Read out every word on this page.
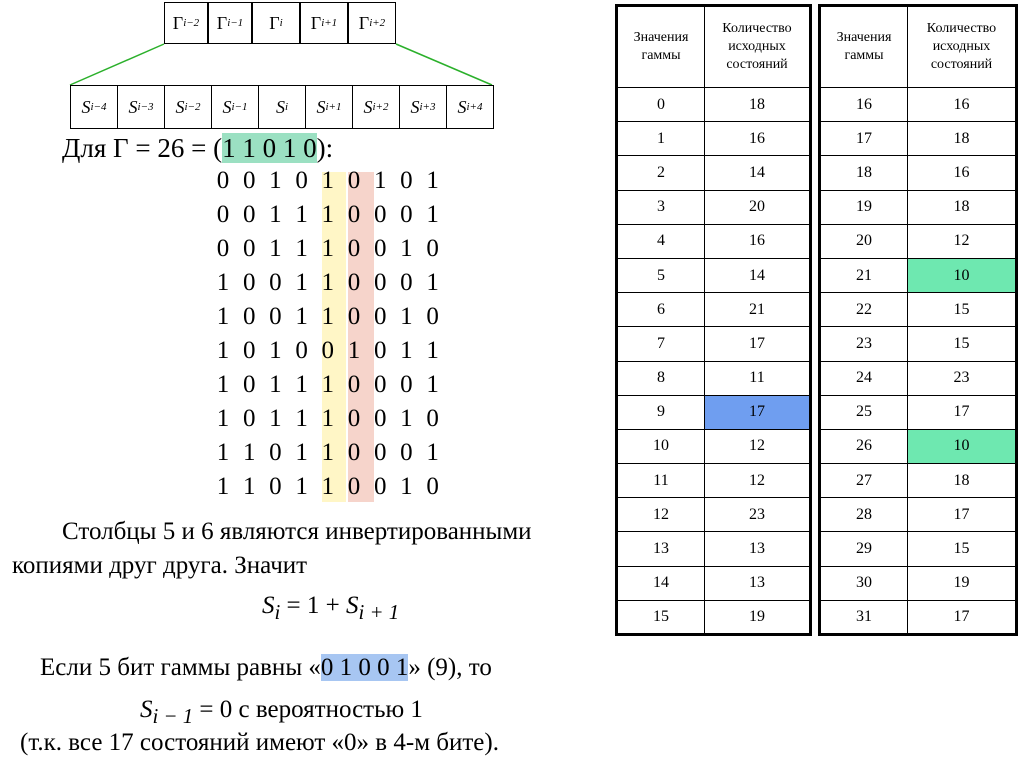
Γ i−2 Γ i−1 Γ i Γ i+1 Γ i+2
S i−4 S i−3 S i−2 S i−1 S i S i+1 S i+2 S i+3 S i+4
Для Г = 26 = (1 1 0 1 0):
0 0 1 0 1 0 1 0 1
0 0 1 1 1 0 0 0 1
0 0 1 1 1 0 0 1 0
1 0 0 1 1 0 0 0 1
1 0 0 1 1 0 0 1 0
1 0 1 0 0 1 0 1 1
1 0 1 1 1 0 0 0 1
1 0 1 1 1 0 0 1 0
1 1 0 1 1 0 0 0 1
1 1 0 1 1 0 0 1 0
Столбцы 5 и 6 являются инвертированными
копиями друг друга. Значит
$S_i = 1 + S_{i + 1}$
Если 5 бит гаммы равны «0 1 0 0 1» (9), то
$S_{i - 1} = 0$ с вероятностью 1
(т.к. все 17 состояний имеют «0» в 4-м бите).
Значения гаммы	Количество исходных состояний
0	18
1	16
2	14
3	20
4	16
5	14
6	21
7	17
8	11
9	17
10	12
11	12
12	23
13	13
14	13
15	19
Значения гаммы	Количество исходных состояний
16	16
17	18
18	16
19	18
20	12
21	10
22	15
23	15
24	23
25	17
26	10
27	18
28	17
29	15
30	19
31	17
